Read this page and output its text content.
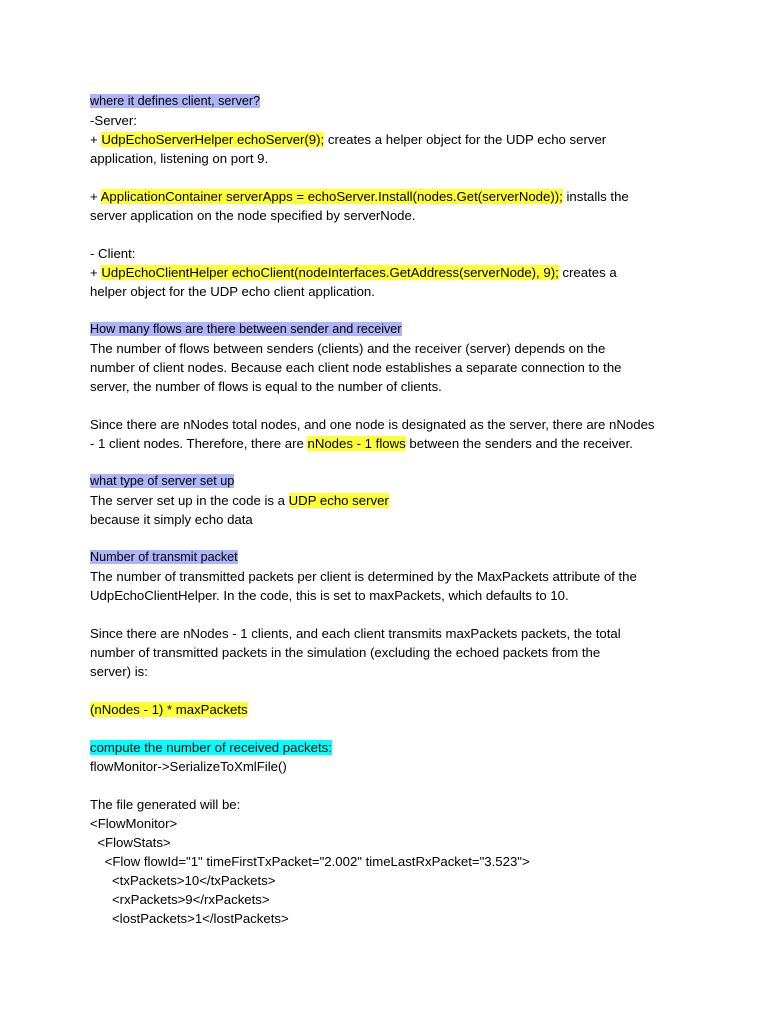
where it defines client, server?
-Server:
+ UdpEchoServerHelper echoServer(9); creates a helper object for the UDP echo server
application, listening on port 9.
+ ApplicationContainer serverApps = echoServer.Install(nodes.Get(serverNode)); installs the
server application on the node specified by serverNode.
- Client:
+ UdpEchoClientHelper echoClient(nodeInterfaces.GetAddress(serverNode), 9); creates a
helper object for the UDP echo client application.
How many flows are there between sender and receiver
The number of flows between senders (clients) and the receiver (server) depends on the
number of client nodes. Because each client node establishes a separate connection to the
server, the number of flows is equal to the number of clients.
Since there are nNodes total nodes, and one node is designated as the server, there are nNodes
- 1 client nodes. Therefore, there are nNodes - 1 flows between the senders and the receiver.
what type of server set up
The server set up in the code is a UDP echo server
because it simply echo data
Number of transmit packet
The number of transmitted packets per client is determined by the MaxPackets attribute of the
UdpEchoClientHelper. In the code, this is set to maxPackets, which defaults to 10.
Since there are nNodes - 1 clients, and each client transmits maxPackets packets, the total
number of transmitted packets in the simulation (excluding the echoed packets from the
server) is:
(nNodes - 1) * maxPackets
compute the number of received packets:
flowMonitor->SerializeToXmlFile()
The file generated will be:
<FlowMonitor>
<FlowStats>
<Flow flowId="1" timeFirstTxPacket="2.002" timeLastRxPacket="3.523">
<txPackets>10</txPackets>
<rxPackets>9</rxPackets>
<lostPackets>1</lostPackets>
